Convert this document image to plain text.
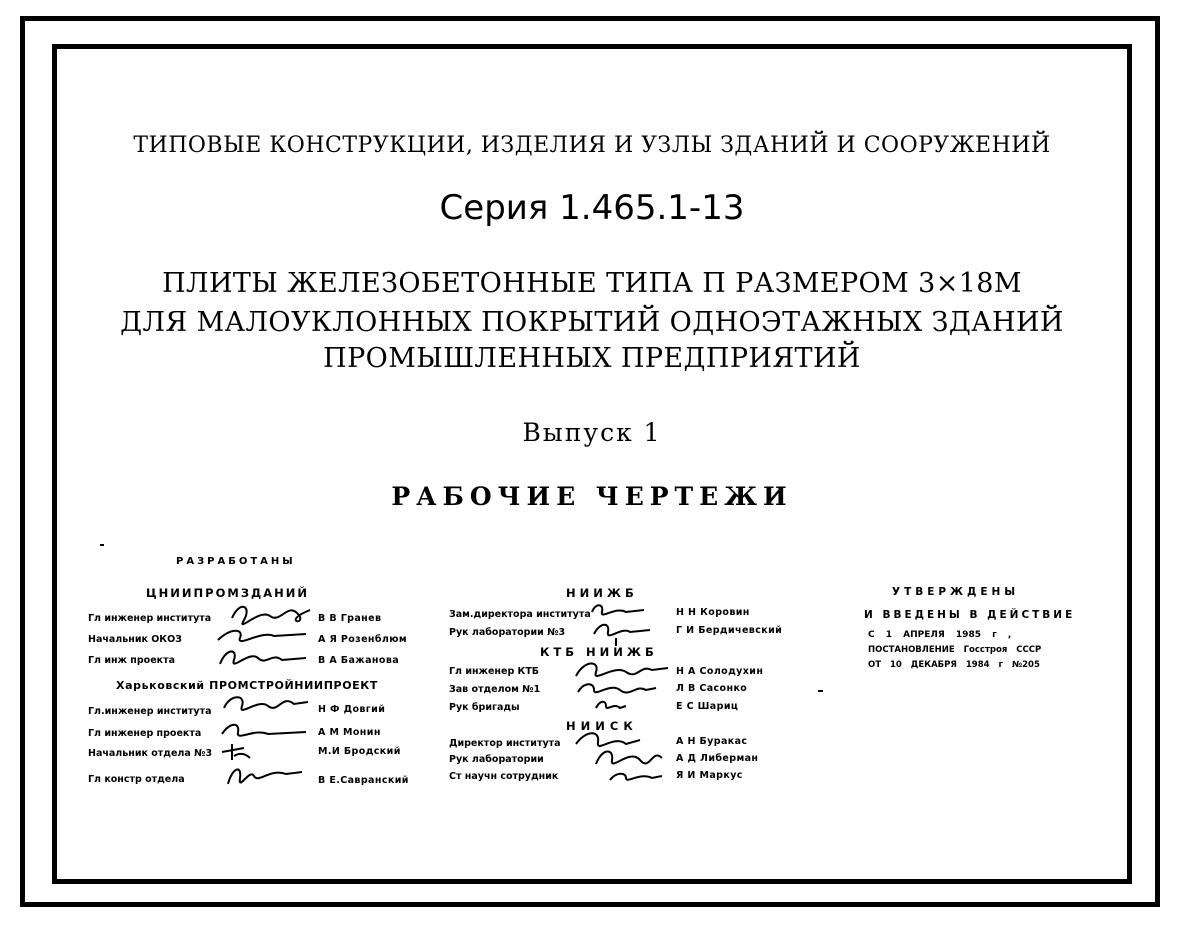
ТИПОВЫЕ КОНСТРУКЦИИ, ИЗДЕЛИЯ И УЗЛЫ ЗДАНИЙ И СООРУЖЕНИЙ
Серия 1.465.1-13
ПЛИТЫ ЖЕЛЕЗОБЕТОННЫЕ ТИПА П РАЗМЕРОМ 3×18М
ДЛЯ МАЛОУКЛОННЫХ ПОКРЫТИЙ ОДНОЭТАЖНЫХ ЗДАНИЙ
ПРОМЫШЛЕННЫХ ПРЕДПРИЯТИЙ
Выпуск 1
РАБОЧИЕ ЧЕРТЕЖИ
РАЗРАБОТАНЫ
ЦНИИПРОМЗДАНИЙ
Гл инженер института	В В Гранев
Начальник ОКОЗ	А Я Розенблюм
Гл инж проекта	В А Бажанова
Харьковский ПРОМСТРОЙНИИПРОЕКТ
Гл.инженер института	Н Ф Довгий
Гл инженер проекта	А М Монин
Начальник отдела №3	М.И Бродский
Гл констр отдела	В Е.Савранский
НИИЖБ
Зам.директора института	Н Н Коровин
Рук лаборатории №3	Г И Бердичевский
КТБ НИИЖБ
Гл инженер КТБ	Н А Солодухин
Зав отделом №1	Л В Сасонко
Рук бригады	Е С Шариц
НИИСК
Директор института	А Н Буракас
Рук лаборатории	А Д Либерман
Ст научн сотрудник	Я И Маркус
УТВЕРЖДЕНЫ
И ВВЕДЕНЫ В ДЕЙСТВИЕ
С 1 АПРЕЛЯ 1985 г ,
ПОСТАНОВЛЕНИЕ Госстроя СССР
ОТ 10 ДЕКАБРЯ 1984 г №205
